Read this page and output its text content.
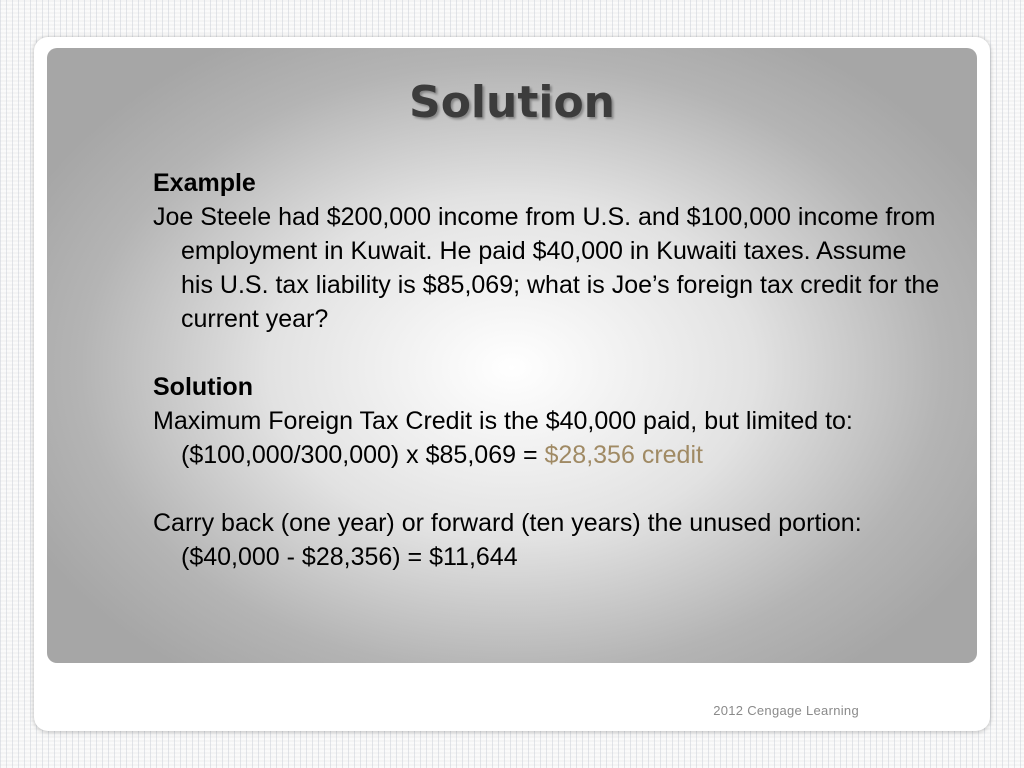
Solution

Example

Joe Steele had $200,000 income from U.S. and $100,000 income from employment in Kuwait. He paid $40,000 in Kuwaiti taxes. Assume his U.S. tax liability is $85,069; what is Joe’s foreign tax credit for the current year?

Solution

Maximum Foreign Tax Credit is the $40,000 paid, but limited to:

($100,000/300,000) x $85,069 = $28,356 credit

Carry back (one year) or forward (ten years) the unused portion:

($40,000 - $28,356) = $11,644

2012 Cengage Learning
